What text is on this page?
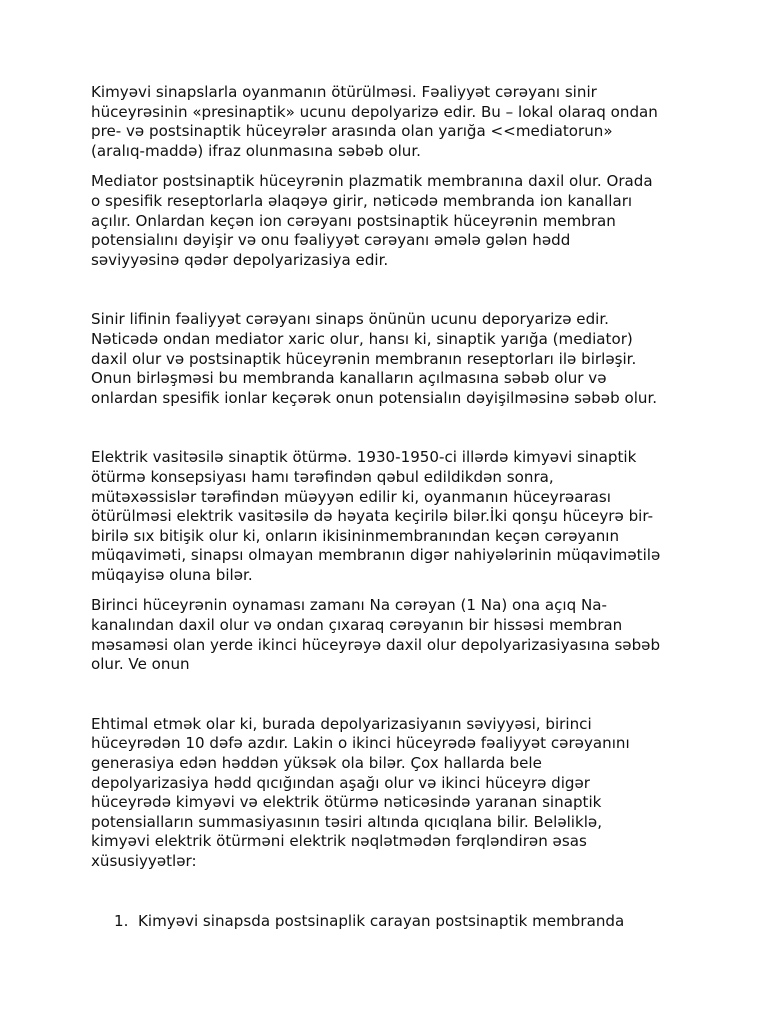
Kimyəvi sinapslarla oyanmanın ötürülməsi. Fəaliyyət cərəyanı sinir
hüceyrəsinin «presinaptik» ucunu depolyarizə edir. Bu – lokal olaraq ondan
pre- və postsinaptik hüceyrələr arasında olan yarığa <<mediatorun»
(aralıq-maddə) ifraz olunmasına səbəb olur.

Mediator postsinaptik hüceyrənin plazmatik membranına daxil olur. Orada
o spesifik reseptorlarla əlaqəyə girir, nəticədə membranda ion kanalları
açılır. Onlardan keçən ion cərəyanı postsinaptik hüceyrənin membran
potensialını dəyişir və onu fəaliyyət cərəyanı əmələ gələn hədd
səviyyəsinə qədər depolyarizasiya edir.

Sinir lifinin fəaliyyət cərəyanı sinaps önünün ucunu deporyarizə edir.
Nəticədə ondan mediator xaric olur, hansı ki, sinaptik yarığa (mediator)
daxil olur və postsinaptik hüceyrənin membranın reseptorları ilə birləşir.
Onun birləşməsi bu membranda kanalların açılmasına səbəb olur və
onlardan spesifik ionlar keçərək onun potensialın dəyişilməsinə səbəb olur.

Elektrik vasitəsilə sinaptik ötürmə. 1930-1950-ci illərdə kimyəvi sinaptik
ötürmə konsepsiyası hamı tərəfindən qəbul edildikdən sonra,
mütəxəssislər tərəfindən müəyyən edilir ki, oyanmanın hüceyrəarası
ötürülməsi elektrik vasitəsilə də həyata keçirilə bilər.İki qonşu hüceyrə bir-
birilə sıx bitişik olur ki, onların ikisininmembranından keçən cərəyanın
müqaviməti, sinapsı olmayan membranın digər nahiyələrinin müqavimətilə
müqayisə oluna bilər.

Birinci hüceyrənin oynaması zamanı Na cərəyan (1 Na) ona açıq Na-
kanalından daxil olur və ondan çıxaraq cərəyanın bir hissəsi membran
məsaməsi olan yerde ikinci hüceyrəyə daxil olur depolyarizasiyasına səbəb
olur. Ve onun

Ehtimal etmək olar ki, burada depolyarizasiyanın səviyyəsi, birinci
hüceyrədən 10 dəfə azdır. Lakin o ikinci hüceyrədə fəaliyyət cərəyanını
generasiya edən həddən yüksək ola bilər. Çox hallarda bele
depolyarizasiya hədd qıcığından aşağı olur və ikinci hüceyrə digər
hüceyrədə kimyəvi və elektrik ötürmə nəticəsində yaranan sinaptik
potensialların summasiyasının təsiri altında qıcıqlana bilir. Beləliklə,
kimyəvi elektrik ötürməni elektrik nəqlətmədən fərqləndirən əsas
xüsusiyyətlər:

1. Kimyəvi sinapsda postsinaplik carayan postsinaptik membranda
